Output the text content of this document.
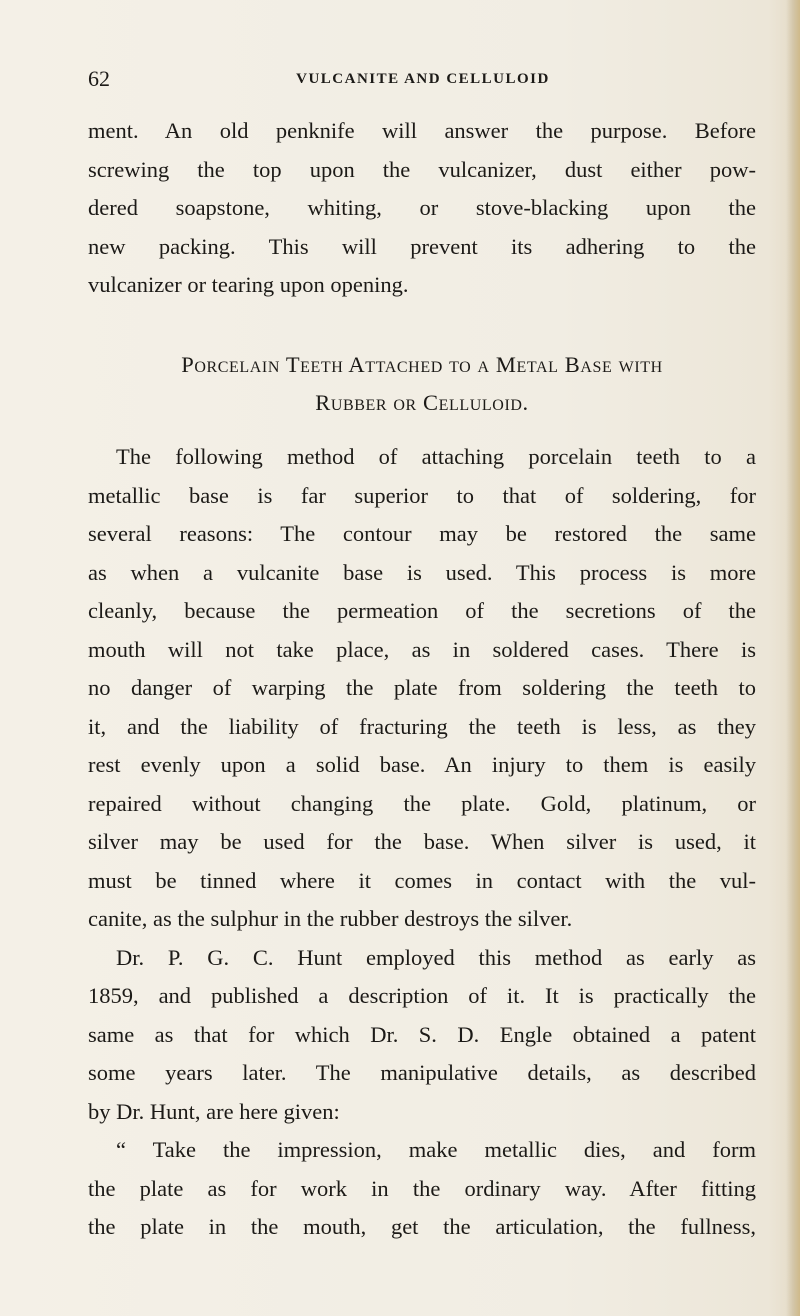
62	VULCANITE AND CELLULOID
ment. An old penknife will answer the purpose. Before
screwing the top upon the vulcanizer, dust either pow-
dered soapstone, whiting, or stove-blacking upon the
new packing. This will prevent its adhering to the
vulcanizer or tearing upon opening.
Porcelain Teeth Attached to a Metal Base with
Rubber or Celluloid.
The following method of attaching porcelain teeth to a
metallic base is far superior to that of soldering, for
several reasons: The contour may be restored the same
as when a vulcanite base is used. This process is more
cleanly, because the permeation of the secretions of the
mouth will not take place, as in soldered cases. There is
no danger of warping the plate from soldering the teeth to
it, and the liability of fracturing the teeth is less, as they
rest evenly upon a solid base. An injury to them is easily
repaired without changing the plate. Gold, platinum, or
silver may be used for the base. When silver is used, it
must be tinned where it comes in contact with the vul-
canite, as the sulphur in the rubber destroys the silver.
Dr. P. G. C. Hunt employed this method as early as
1859, and published a description of it. It is practically the
same as that for which Dr. S. D. Engle obtained a patent
some years later. The manipulative details, as described
by Dr. Hunt, are here given:
“ Take the impression, make metallic dies, and form
the plate as for work in the ordinary way. After fitting
the plate in the mouth, get the articulation, the fullness,
